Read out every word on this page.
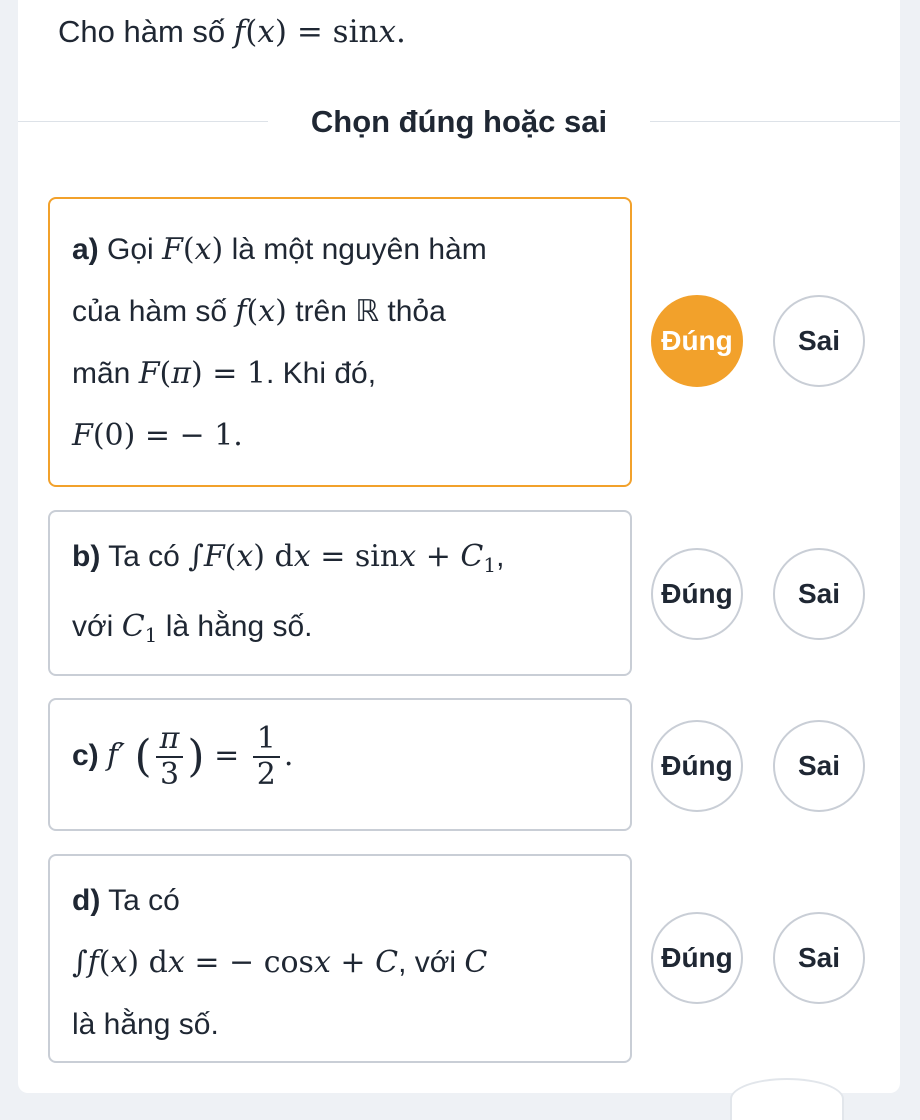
Cho hàm số f(x) = sinx.
Chọn đúng hoặc sai
a) Gọi F(x) là một nguyên hàm
của hàm số f(x) trên ℝ thỏa
mãn F(π) = 1. Khi đó,
F(0) = − 1.
Đúng	Sai
b) Ta có ∫F(x) dx = $\sin x + C_1$,
với $C_1$ là hằng số.
Đúng	Sai
c) f′ ( $\frac{\pi}{3}$ ) = $\frac{1}{2}$ .	Đúng	Sai
d) Ta có
∫f(x) dx = − cosx + C, với C
là hằng số.
Đúng	Sai
